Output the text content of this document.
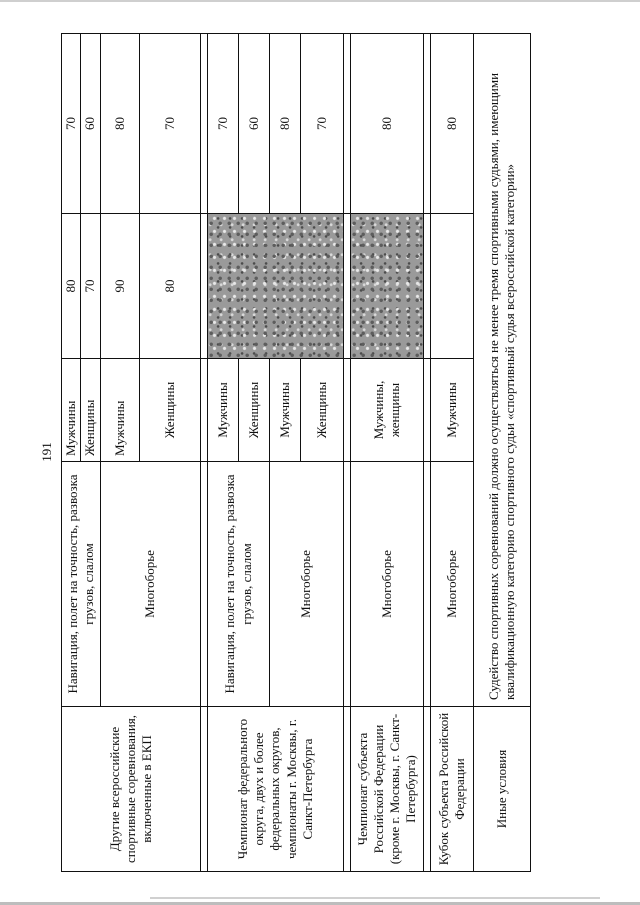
191
Другие всероссийские спортивные соревнования, включенные в ЕКП	Навигация, полет на точность, развозка грузов, слалом	Мужчины	80	70
		Женщины	70	60
	Многоборье	Мужчины	90	80
		Женщины	80	70

Чемпионат федерального округа, двух и более федеральных округов, чемпионаты г. Москвы, г. Санкт-Петербурга	Навигация, полет на точность, развозка грузов, слалом	Мужчины		70
		Женщины		60
	Многоборье	Мужчины		80
		Женщины		70

Чемпионат субъекта Российской Федерации (кроме г. Москвы, г. Санкт-Петербурга)	Многоборье	Мужчины, женщины		80

Кубок субъекта Российской Федерации	Многоборье	Мужчины		80
Иные условия	Судейство спортивных соревнований должно осуществляться не менее тремя спортивными судьями, имеющими квалификационную категорию спортивного судьи «спортивный судья всероссийской категории»			
